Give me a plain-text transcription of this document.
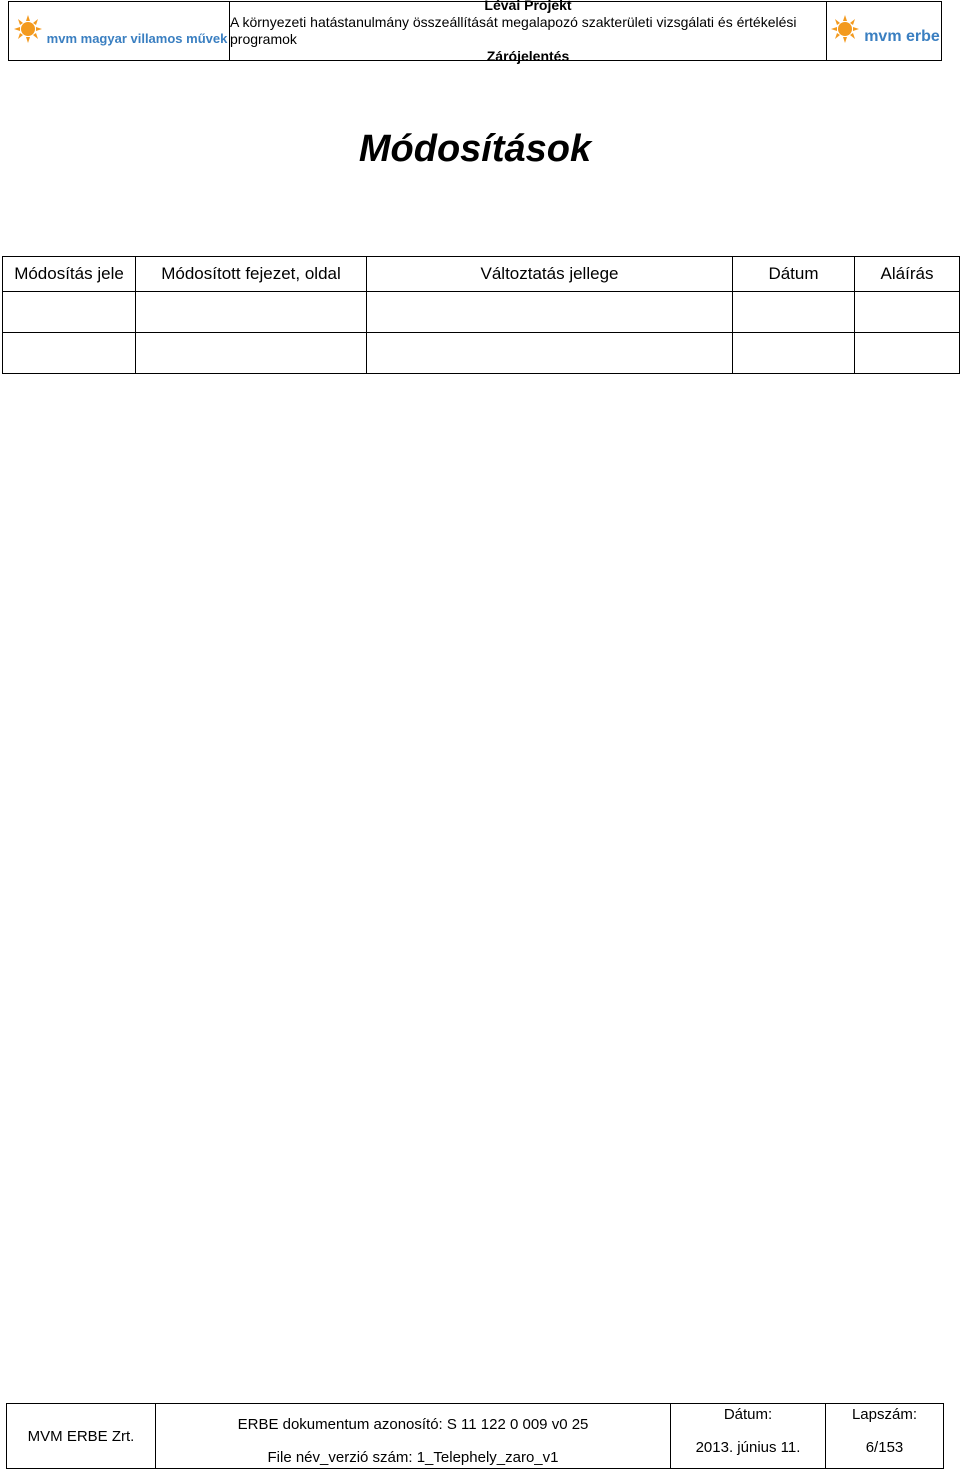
mvm magyar villamos művek
Lévai Projekt
A környezeti hatástanulmány összeállítását megalapozó szakterületi vizsgálati és értékelési programok
Zárójelentés
mvm erbe
Módosítások
Módosítás jele	Módosított fejezet, oldal	Változtatás jellege	Dátum	Aláírás

MVM ERBE Zrt.
ERBE dokumentum azonosító: S 11 122 0 009 v0 25
File név_verzió szám: 1_Telephely_zaro_v1
Dátum:
2013. június 11.
Lapszám:
6/153
